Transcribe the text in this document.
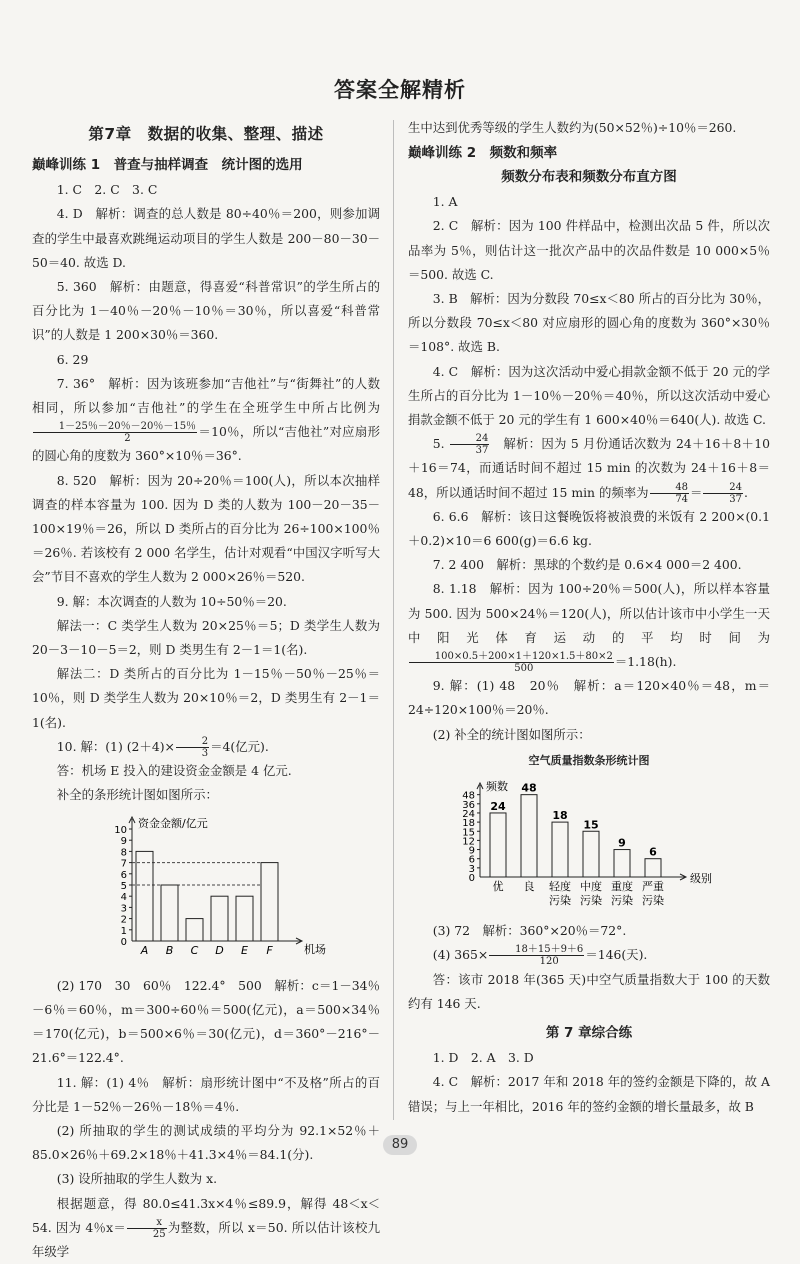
答案全解精析
第7章　数据的收集、整理、描述
巅峰训练 1　普查与抽样调查　统计图的选用

1. C　2. C　3. C

4. D　解析：调查的总人数是 80÷40％＝200，则参加调查的学生中最喜欢跳绳运动项目的学生人数是 200－80－30－50＝40. 故选 D.

5. 360　解析：由题意，得喜爱“科普常识”的学生所占的百分比为 1－40％－20％－10％＝30％，所以喜爱“科普常识”的人数是 1 200×30％＝360.

6. 29

7. 36°　解析：因为该班参加“吉他社”与“街舞社”的人数相同，所以参加“吉他社”的学生在全班学生中所占比例为
$\frac{1-25\%-20\%-20\%-15\%}{2} =10$％，所以“吉他社”对应扇形的圆心角的度数为 360°×10％＝36°.

8. 520　解析：因为 20÷20％＝100(人)，所以本次抽样调查的样本容量为 100. 因为 D 类的人数为 100－20－35－100×19％＝26，所以 D 类所占的百分比为 26÷100×100％＝26％. 若该校有 2 000 名学生，估计对观看“中国汉字听写大会”节目不喜欢的学生人数为 2 000×26％＝520.

9. 解：本次调查的人数为 10÷50％＝20.

解法一：C 类学生人数为 20×25％＝5；D 类学生人数为 20－3－10－5＝2，则 D 类男生有 2－1＝1(名).

解法二：D 类所占的百分比为 1－15％－50％－25％＝10％，则 D 类学生人数为 20×10％＝2，D 类男生有 2－1＝1(名).

10. 解：(1) $(2+4)\times \frac{2}{3} =4$(亿元).

答：机场 E 投入的建设资金金额是 4 亿元.

补全的条形统计图如图所示：

资金金额/亿元
1
2
3
4
5
6
7
8
9
10
0
机场
A B C D E F

(2) 170　30　60％　122.4°　500　解析：c＝1－34％－6％＝60％，m＝300÷60％＝500(亿元)，a＝500×34％＝170(亿元)，b＝500×6％＝30(亿元)，d＝360°－216°－21.6°＝122.4°.

11. 解：(1) 4％　解析：扇形统计图中“不及格”所占的百分比是 1－52％－26％－18％＝4％.

(2) 所抽取的学生的测试成绩的平均分为 92.1×52％＋85.0×26％＋69.2×18％＋41.3×4％＝84.1(分).

(3) 设所抽取的学生人数为 x.

根据题意，得 80.0≤41.3x×4％≤89.9，解得 48＜x＜54. 因为 4％$x= \frac{x}{25}$ 为整数，所以 x＝50. 所以估计该校九年级学

生中达到优秀等级的学生人数约为(50×52％)÷10％＝260.

巅峰训练 2　频数和频率
频数分布表和频数分布直方图

1. A

2. C　解析：因为 100 件样品中，检测出次品 5 件，所以次品率为 5％，则估计这一批次产品中的次品件数是 10 000×5％＝500. 故选 C.

3. B　解析：因为分数段 70≤x＜80 所占的百分比为 30％，所以分数段 70≤x＜80 对应扇形的圆心角的度数为 360°×30％＝108°. 故选 B.

4. C　解析：因为这次活动中爱心捐款金额不低于 20 元的学生所占的百分比为 1－10％－20％＝40％，所以这次活动中爱心捐款金额不低于 20 元的学生有 1 600×40％＝640(人). 故选 C.

5. $\frac{24}{37}$ 　解析：因为 5 月份通话次数为 24＋16＋8＋10＋16＝74，而通话时间不超过 15 min 的次数为 24＋16＋8＝48，所以通话时间不超过 15 min 的频率为 $\frac{48}{74} = \frac{24}{37}$ .

6. 6.6　解析：该日这餐晚饭将被浪费的米饭有 2 200×(0.1＋0.2)×10＝6 600(g)＝6.6 kg.

7. 2 400　解析：黑球的个数约是 0.6×4 000＝2 400.

8. 1.18　解析：因为 100÷20％＝500(人)，所以样本容量为 500. 因为 500×24％＝120(人)，所以估计该市中小学生一天中阳光体育运动的平均时间为
$\frac{100\times 0.5+200\times 1+120\times 1.5+80\times 2}{500} =1.18(h)$.

9. 解：(1) 48　20％　解析：a＝120×40％＝48，m＝24÷120×100％＝20％.

(2) 补全的统计图如图所示：

空气质量指数条形统计图
频数
0
3
6
9
12
15
18
24
36
48
级别
24
优
48
良
18
轻度
污染
15
中度
污染
9
重度
污染
6
严重
污染

(3) 72　解析：360°×20％＝72°.

(4) $365\times \frac{18+15+9+6}{120} =146$(天).

答：该市 2018 年(365 天)中空气质量指数大于 100 的天数约有 146 天.

第 7 章综合练

1. D　2. A　3. D

4. C　解析：2017 年和 2018 年的签约金额是下降的，故 A 错误；与上一年相比，2016 年的签约金额的增长量最多，故 B

89
